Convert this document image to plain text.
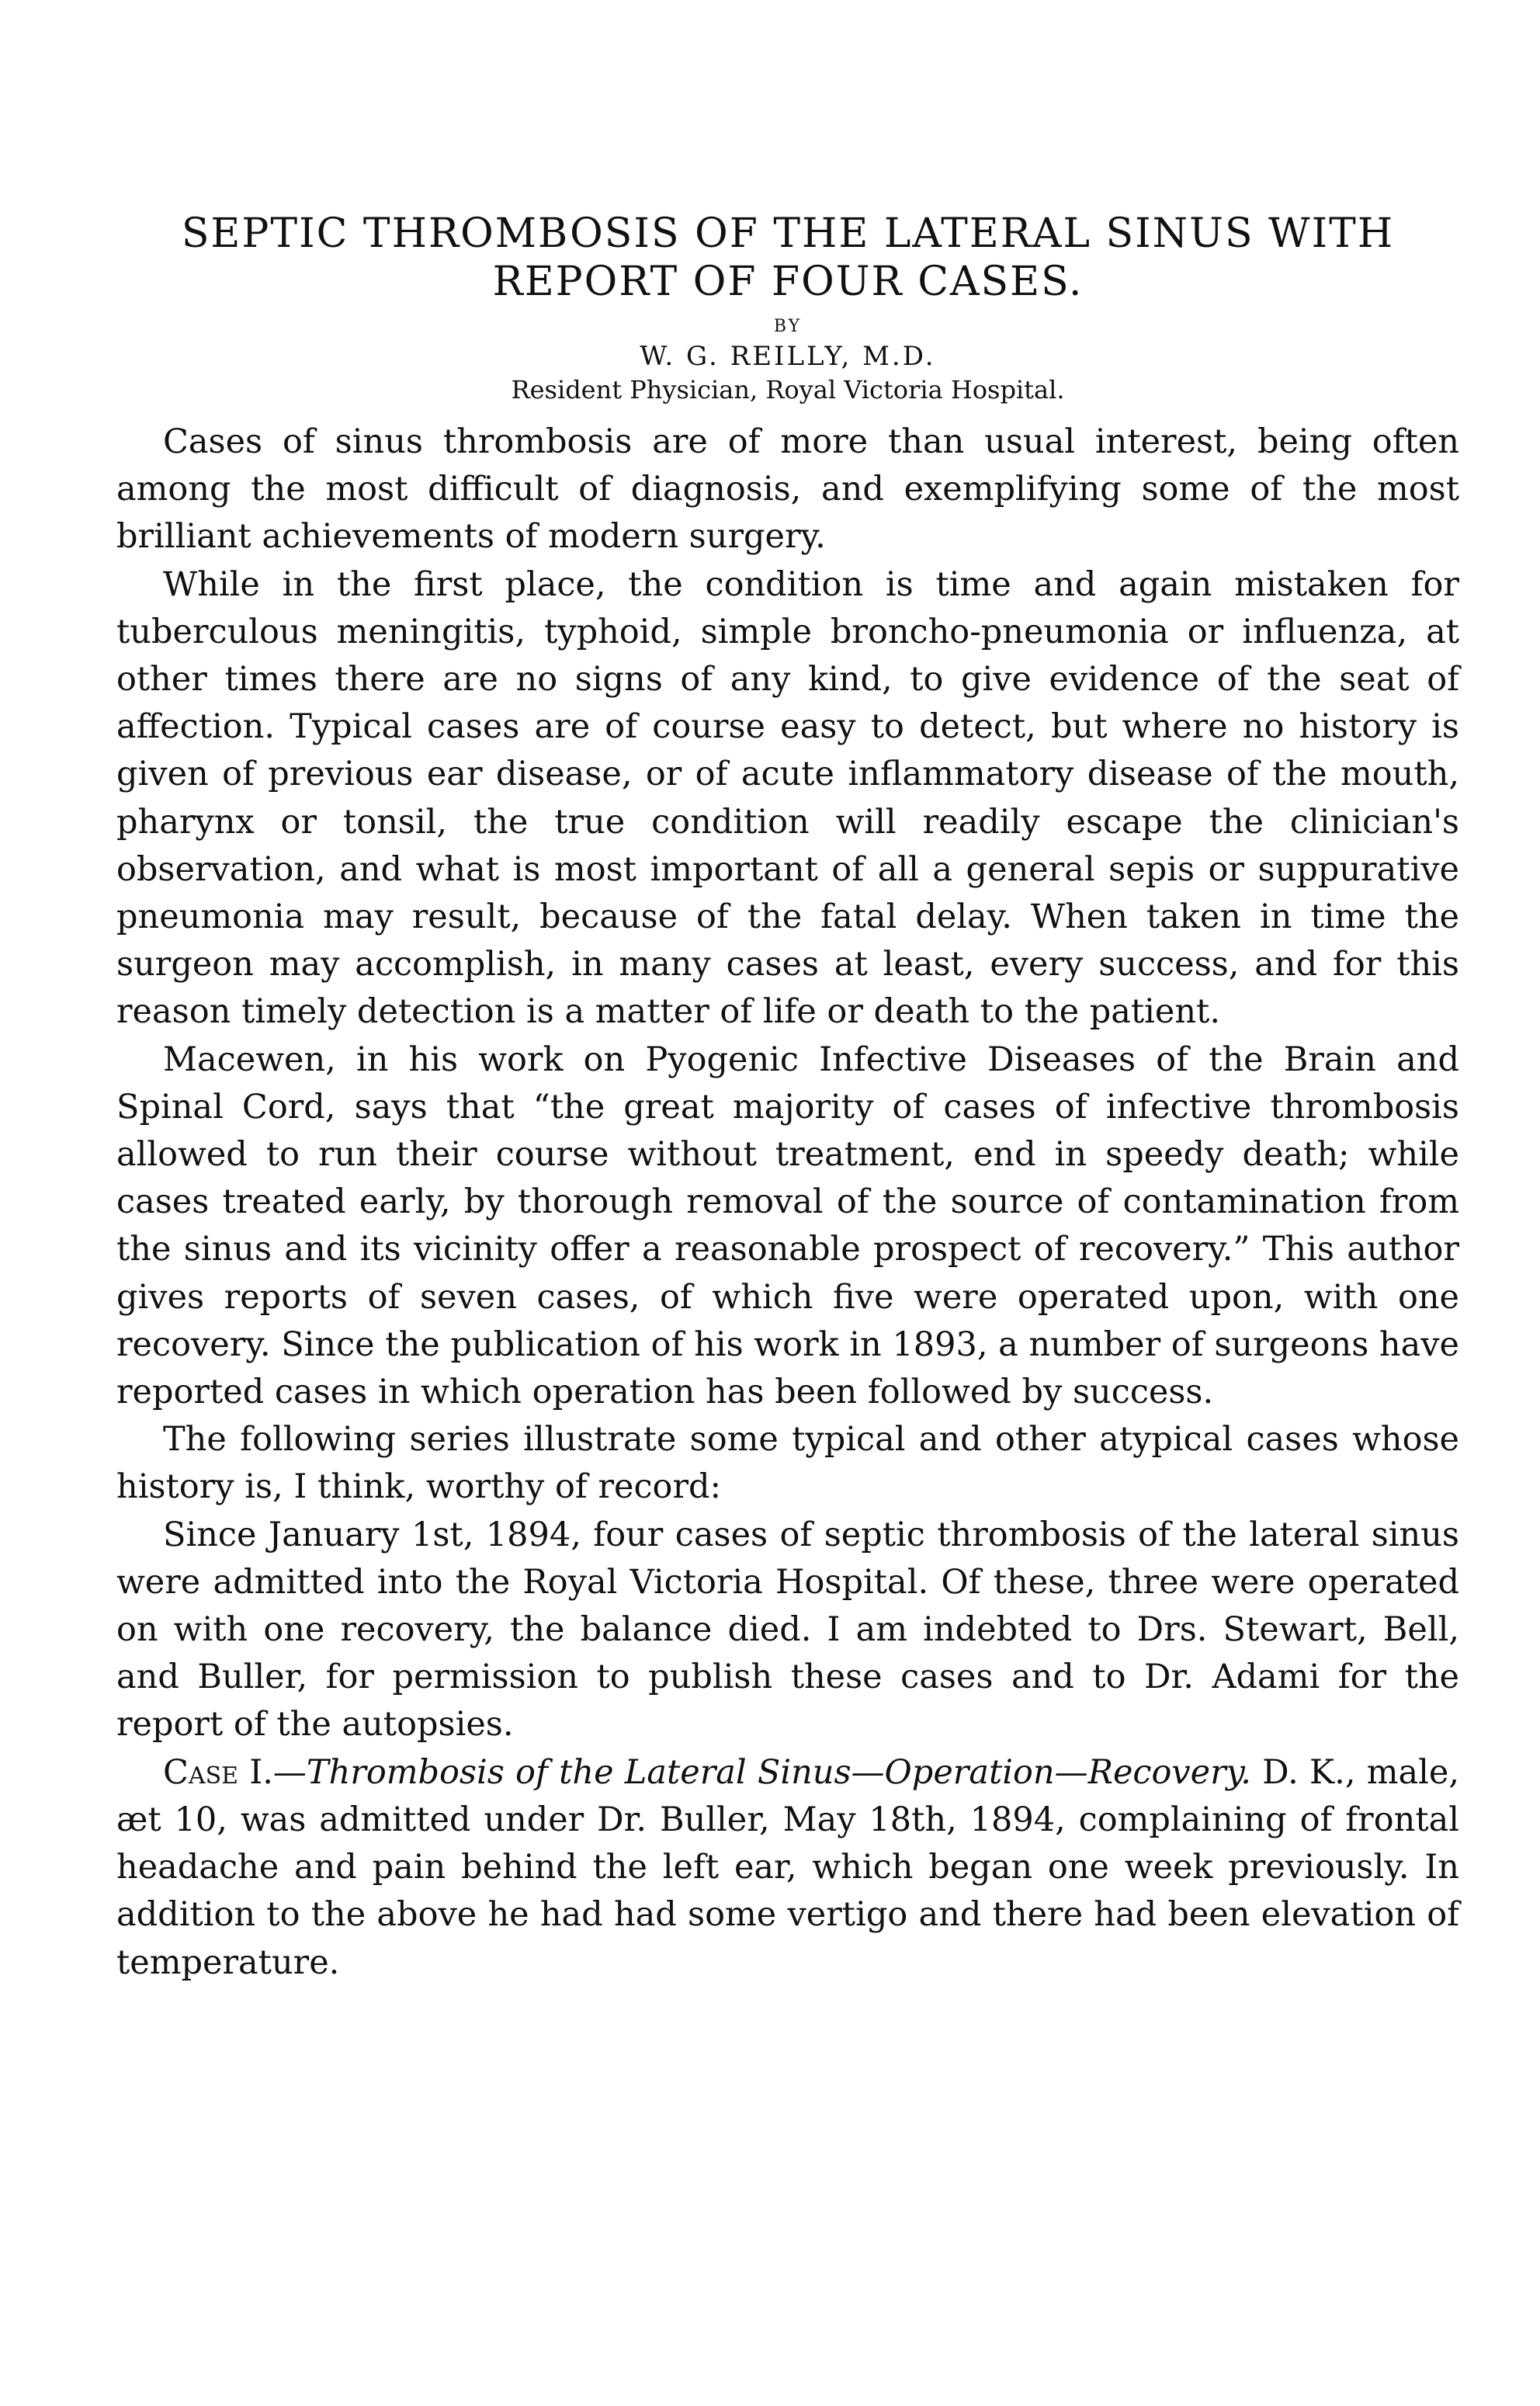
SEPTIC THROMBOSIS OF THE LATERAL SINUS WITH
REPORT OF FOUR CASES.

BY

W. G. REILLY, M.D.

Resident Physician, Royal Victoria Hospital.

Cases of sinus thrombosis are of more than usual interest, being often among the most difficult of diagnosis, and exemplifying some of the most brilliant achievements of modern surgery.

While in the first place, the condition is time and again mistaken for tuberculous meningitis, typhoid, simple broncho-pneumonia or influenza, at other times there are no signs of any kind, to give evidence of the seat of affection. Typical cases are of course easy to detect, but where no history is given of previous ear disease, or of acute inflammatory disease of the mouth, pharynx or tonsil, the true condition will readily escape the clinician's observation, and what is most important of all a general sepis or suppurative pneumonia may result, because of the fatal delay. When taken in time the surgeon may accomplish, in many cases at least, every success, and for this reason timely detection is a matter of life or death to the patient.

Macewen, in his work on Pyogenic Infective Diseases of the Brain and Spinal Cord, says that “the great majority of cases of infective thrombosis allowed to run their course without treatment, end in speedy death; while cases treated early, by thorough removal of the source of contamination from the sinus and its vicinity offer a reasonable prospect of recovery.” This author gives reports of seven cases, of which five were operated upon, with one recovery. Since the publication of his work in 1893, a number of surgeons have reported cases in which operation has been followed by success.

The following series illustrate some typical and other atypical cases whose history is, I think, worthy of record:

Since January 1st, 1894, four cases of septic thrombosis of the lateral sinus were admitted into the Royal Victoria Hospital. Of these, three were operated on with one recovery, the balance died. I am indebted to Drs. Stewart, Bell, and Buller, for permission to publish these cases and to Dr. Adami for the report of the autopsies.

Case I.—Thrombosis of the Lateral Sinus—Operation—Recovery. D. K., male, æt 10, was admitted under Dr. Buller, May 18th, 1894, complaining of frontal headache and pain behind the left ear, which began one week previously. In addition to the above he had had some vertigo and there had been elevation of temperature.
